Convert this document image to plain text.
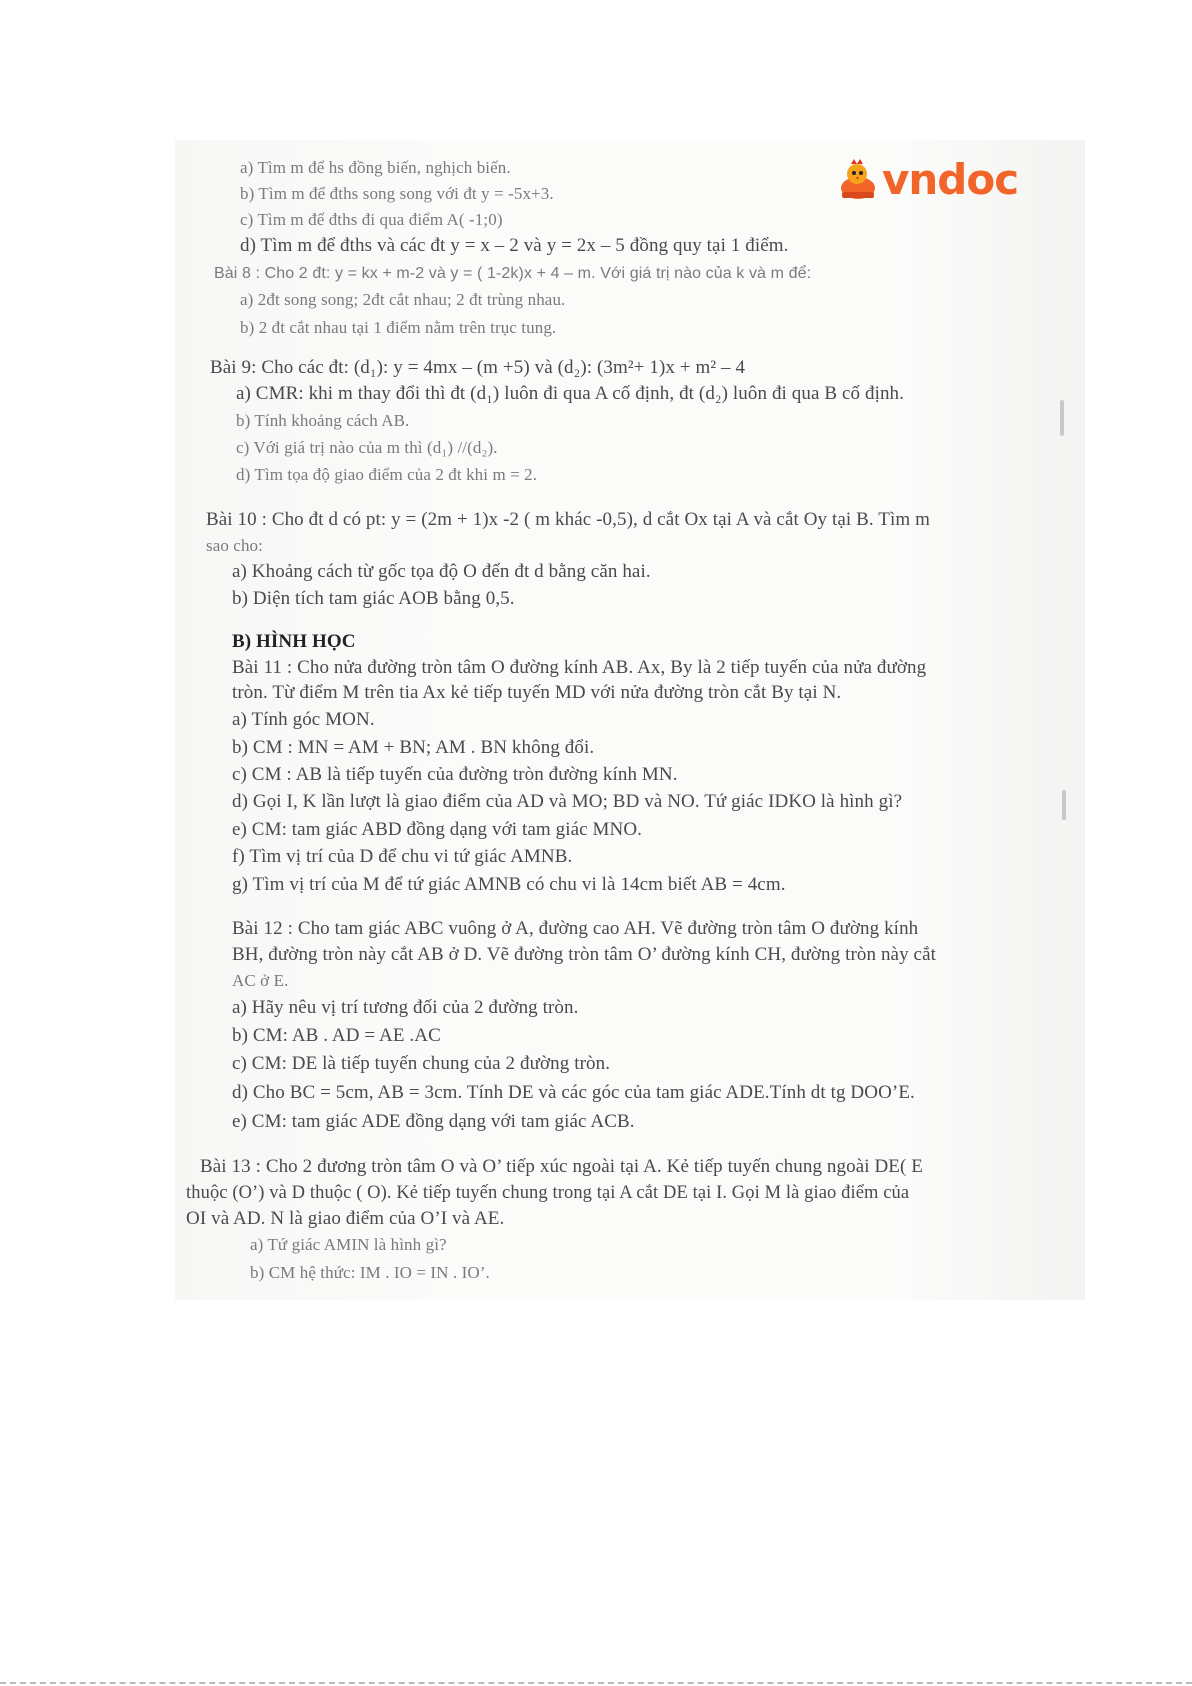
vndoc
a) Tìm m để hs đồng biến, nghịch biến.
b) Tìm m để đths song song với đt y = -5x+3.
c) Tìm m để đths đi qua điểm A( -1;0)
d) Tìm m để đths và các đt y = x – 2 và y = 2x – 5 đồng quy tại 1 điểm.
Bài 8 : Cho 2 đt: y = kx + m-2 và y = ( 1-2k)x + 4 – m. Với giá trị nào của k và m để:
a) 2đt song song; 2đt cắt nhau; 2 đt trùng nhau.
b) 2 đt cắt nhau tại 1 điểm nằm trên trục tung.
Bài 9: Cho các đt: (d₁): y = 4mx – (m +5) và (d₂): (3m²+ 1)x + m² – 4
a) CMR: khi m thay đổi thì đt (d₁) luôn đi qua A cố định, đt (d₂) luôn đi qua B cố định.
b) Tính khoảng cách AB.
c) Với giá trị nào của m thì (d₁) //(d₂).
d) Tìm tọa độ giao điểm của 2 đt khi m = 2.
Bài 10 : Cho đt d có pt: y = (2m + 1)x -2 ( m khác -0,5), d cắt Ox tại A và cắt Oy tại B. Tìm m
sao cho:
a) Khoảng cách từ gốc tọa độ O đến đt d bằng căn hai.
b) Diện tích tam giác AOB bằng 0,5.
B) HÌNH HỌC
Bài 11 : Cho nửa đường tròn tâm O đường kính AB. Ax, By là 2 tiếp tuyến của nửa đường
tròn. Từ điểm M trên tia Ax kẻ tiếp tuyến MD với nửa đường tròn cắt By tại N.
a) Tính góc MON.
b) CM : MN = AM + BN; AM . BN không đổi.
c) CM : AB là tiếp tuyến của đường tròn đường kính MN.
d) Gọi I, K lần lượt là giao điểm của AD và MO; BD và NO. Tứ giác IDKO là hình gì?
e) CM: tam giác ABD đồng dạng với tam giác MNO.
f) Tìm vị trí của D để chu vi tứ giác AMNB.
g) Tìm vị trí của M để tứ giác AMNB có chu vi là 14cm biết AB = 4cm.
Bài 12 : Cho tam giác ABC vuông ở A, đường cao AH. Vẽ đường tròn tâm O đường kính
BH, đường tròn này cắt AB ở D. Vẽ đường tròn tâm O’ đường kính CH, đường tròn này cắt
AC ở E.
a) Hãy nêu vị trí tương đối của 2 đường tròn.
b) CM: AB . AD = AE .AC
c) CM: DE là tiếp tuyến chung của 2 đường tròn.
d) Cho BC = 5cm, AB = 3cm. Tính DE và các góc của tam giác ADE.Tính dt tg DOO’E.
e) CM: tam giác ADE đồng dạng với tam giác ACB.
Bài 13 : Cho 2 đương tròn tâm O và O’ tiếp xúc ngoài tại A. Kẻ tiếp tuyến chung ngoài DE( E
thuộc (O’) và D thuộc ( O). Kẻ tiếp tuyến chung trong tại A cắt DE tại I. Gọi M là giao điểm của
OI và AD. N là giao điểm của O’I và AE.
a) Tứ giác AMIN là hình gì?
b) CM hệ thức: IM . IO = IN . IO’.
